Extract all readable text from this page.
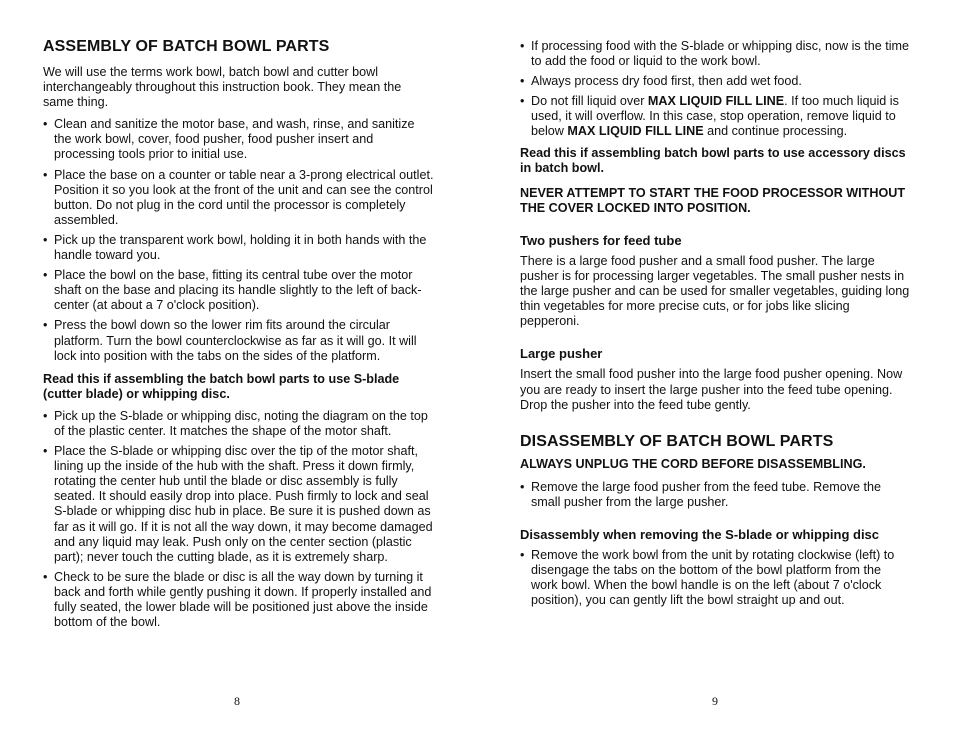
ASSEMBLY OF BATCH BOWL PARTS

We will use the terms work bowl, batch bowl and cutter bowl interchangeably throughout this instruction book. They mean the same thing.

• Clean and sanitize the motor base, and wash, rinse, and sanitize the work bowl, cover, food pusher, food pusher insert and processing tools prior to initial use.
• Place the base on a counter or table near a 3-prong electrical outlet. Position it so you look at the front of the unit and can see the control button. Do not plug in the cord until the processor is completely assembled.
• Pick up the transparent work bowl, holding it in both hands with the handle toward you.
• Place the bowl on the base, fitting its central tube over the motor shaft on the base and placing its handle slightly to the left of back-center (at about a 7 o'clock position).
• Press the bowl down so the lower rim fits around the circular platform. Turn the bowl counterclockwise as far as it will go. It will lock into position with the tabs on the sides of the platform.

Read this if assembling the batch bowl parts to use S-blade (cutter blade) or whipping disc.

• Pick up the S-blade or whipping disc, noting the diagram on the top of the plastic center. It matches the shape of the motor shaft.
• Place the S-blade or whipping disc over the tip of the motor shaft, lining up the inside of the hub with the shaft. Press it down firmly, rotating the center hub until the blade or disc assembly is fully seated. It should easily drop into place. Push firmly to lock and seal S-blade or whipping disc hub in place. Be sure it is pushed down as far as it will go. If it is not all the way down, it may become damaged and any liquid may leak. Push only on the center section (plastic part); never touch the cutting blade, as it is extremely sharp.
• Check to be sure the blade or disc is all the way down by turning it back and forth while gently pushing it down. If properly installed and fully seated, the lower blade will be positioned just above the inside bottom of the bowl.
• If processing food with the S-blade or whipping disc, now is the time to add the food or liquid to the work bowl.
• Always process dry food first, then add wet food.
• Do not fill liquid over MAX LIQUID FILL LINE. If too much liquid is used, it will overflow. In this case, stop operation, remove liquid to below MAX LIQUID FILL LINE and continue processing.

Read this if assembling batch bowl parts to use accessory discs in batch bowl.

NEVER ATTEMPT TO START THE FOOD PROCESSOR WITHOUT THE COVER LOCKED INTO POSITION.

Two pushers for feed tube

There is a large food pusher and a small food pusher. The large pusher is for processing larger vegetables. The small pusher nests in the large pusher and can be used for smaller vegetables, guiding long thin vegetables for more precise cuts, or for jobs like slicing pepperoni.

Large pusher

Insert the small food pusher into the large food pusher opening. Now you are ready to insert the large pusher into the feed tube opening. Drop the pusher into the feed tube gently.

DISASSEMBLY OF BATCH BOWL PARTS

ALWAYS UNPLUG THE CORD BEFORE DISASSEMBLING.

• Remove the large food pusher from the feed tube. Remove the small pusher from the large pusher.
Disassembly when removing the S-blade or whipping disc
• Remove the work bowl from the unit by rotating clockwise (left) to disengage the tabs on the bottom of the bowl platform from the work bowl. When the bowl handle is on the left (about 7 o'clock position), you can gently lift the bowl straight up and out.
8	9
